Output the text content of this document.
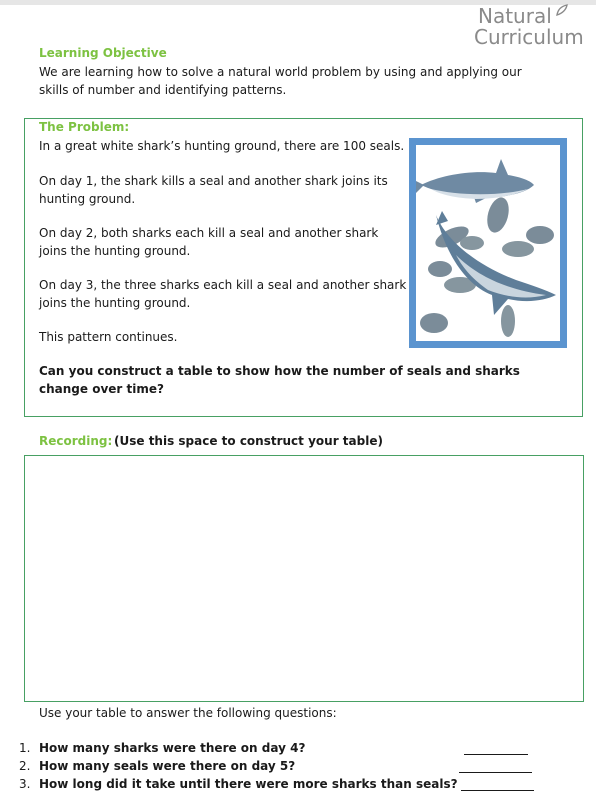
Natural
Curriculum
Learning Objective
We are learning how to solve a natural world problem by using and applying our skills of number and identifying patterns.
The Problem:
In a great white shark’s hunting ground, there are 100 seals.
On day 1, the shark kills a seal and another shark joins its hunting ground.
On day 2, both sharks each kill a seal and another shark joins the hunting ground.
On day 3, the three sharks each kill a seal and another shark joins the hunting ground.
This pattern continues.
Can you construct a table to show how the number of seals and sharks change over time?
Recording: (Use this space to construct your table)
Use your table to answer the following questions:
1. How many sharks were there on day 4?
2. How many seals were there on day 5?
3. How long did it take until there were more sharks than seals?
